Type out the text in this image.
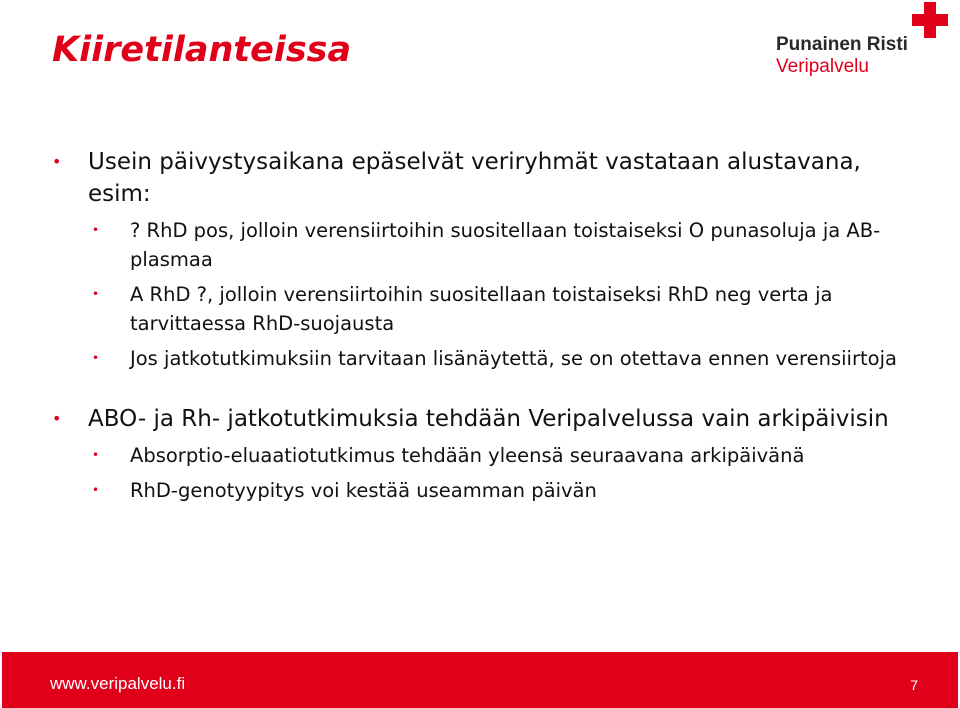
Kiiretilanteissa	Punainen Risti
Veripalvelu
• Usein päivystysaikana epäselvät veriryhmät vastataan alustavana, esim:
• ? RhD pos, jolloin verensiirtoihin suositellaan toistaiseksi O punasoluja ja AB-plasmaa
• A RhD ?, jolloin verensiirtoihin suositellaan toistaiseksi RhD neg verta ja tarvittaessa RhD-suojausta
• Jos jatkotutkimuksiin tarvitaan lisänäytettä, se on otettava ennen verensiirtoja
• ABO- ja Rh- jatkotutkimuksia tehdään Veripalvelussa vain arkipäivisin
• Absorptio-eluaatiotutkimus tehdään yleensä seuraavana arkipäivänä
• RhD-genotyypitys voi kestää useamman päivän
www.veripalvelu.fi	7
